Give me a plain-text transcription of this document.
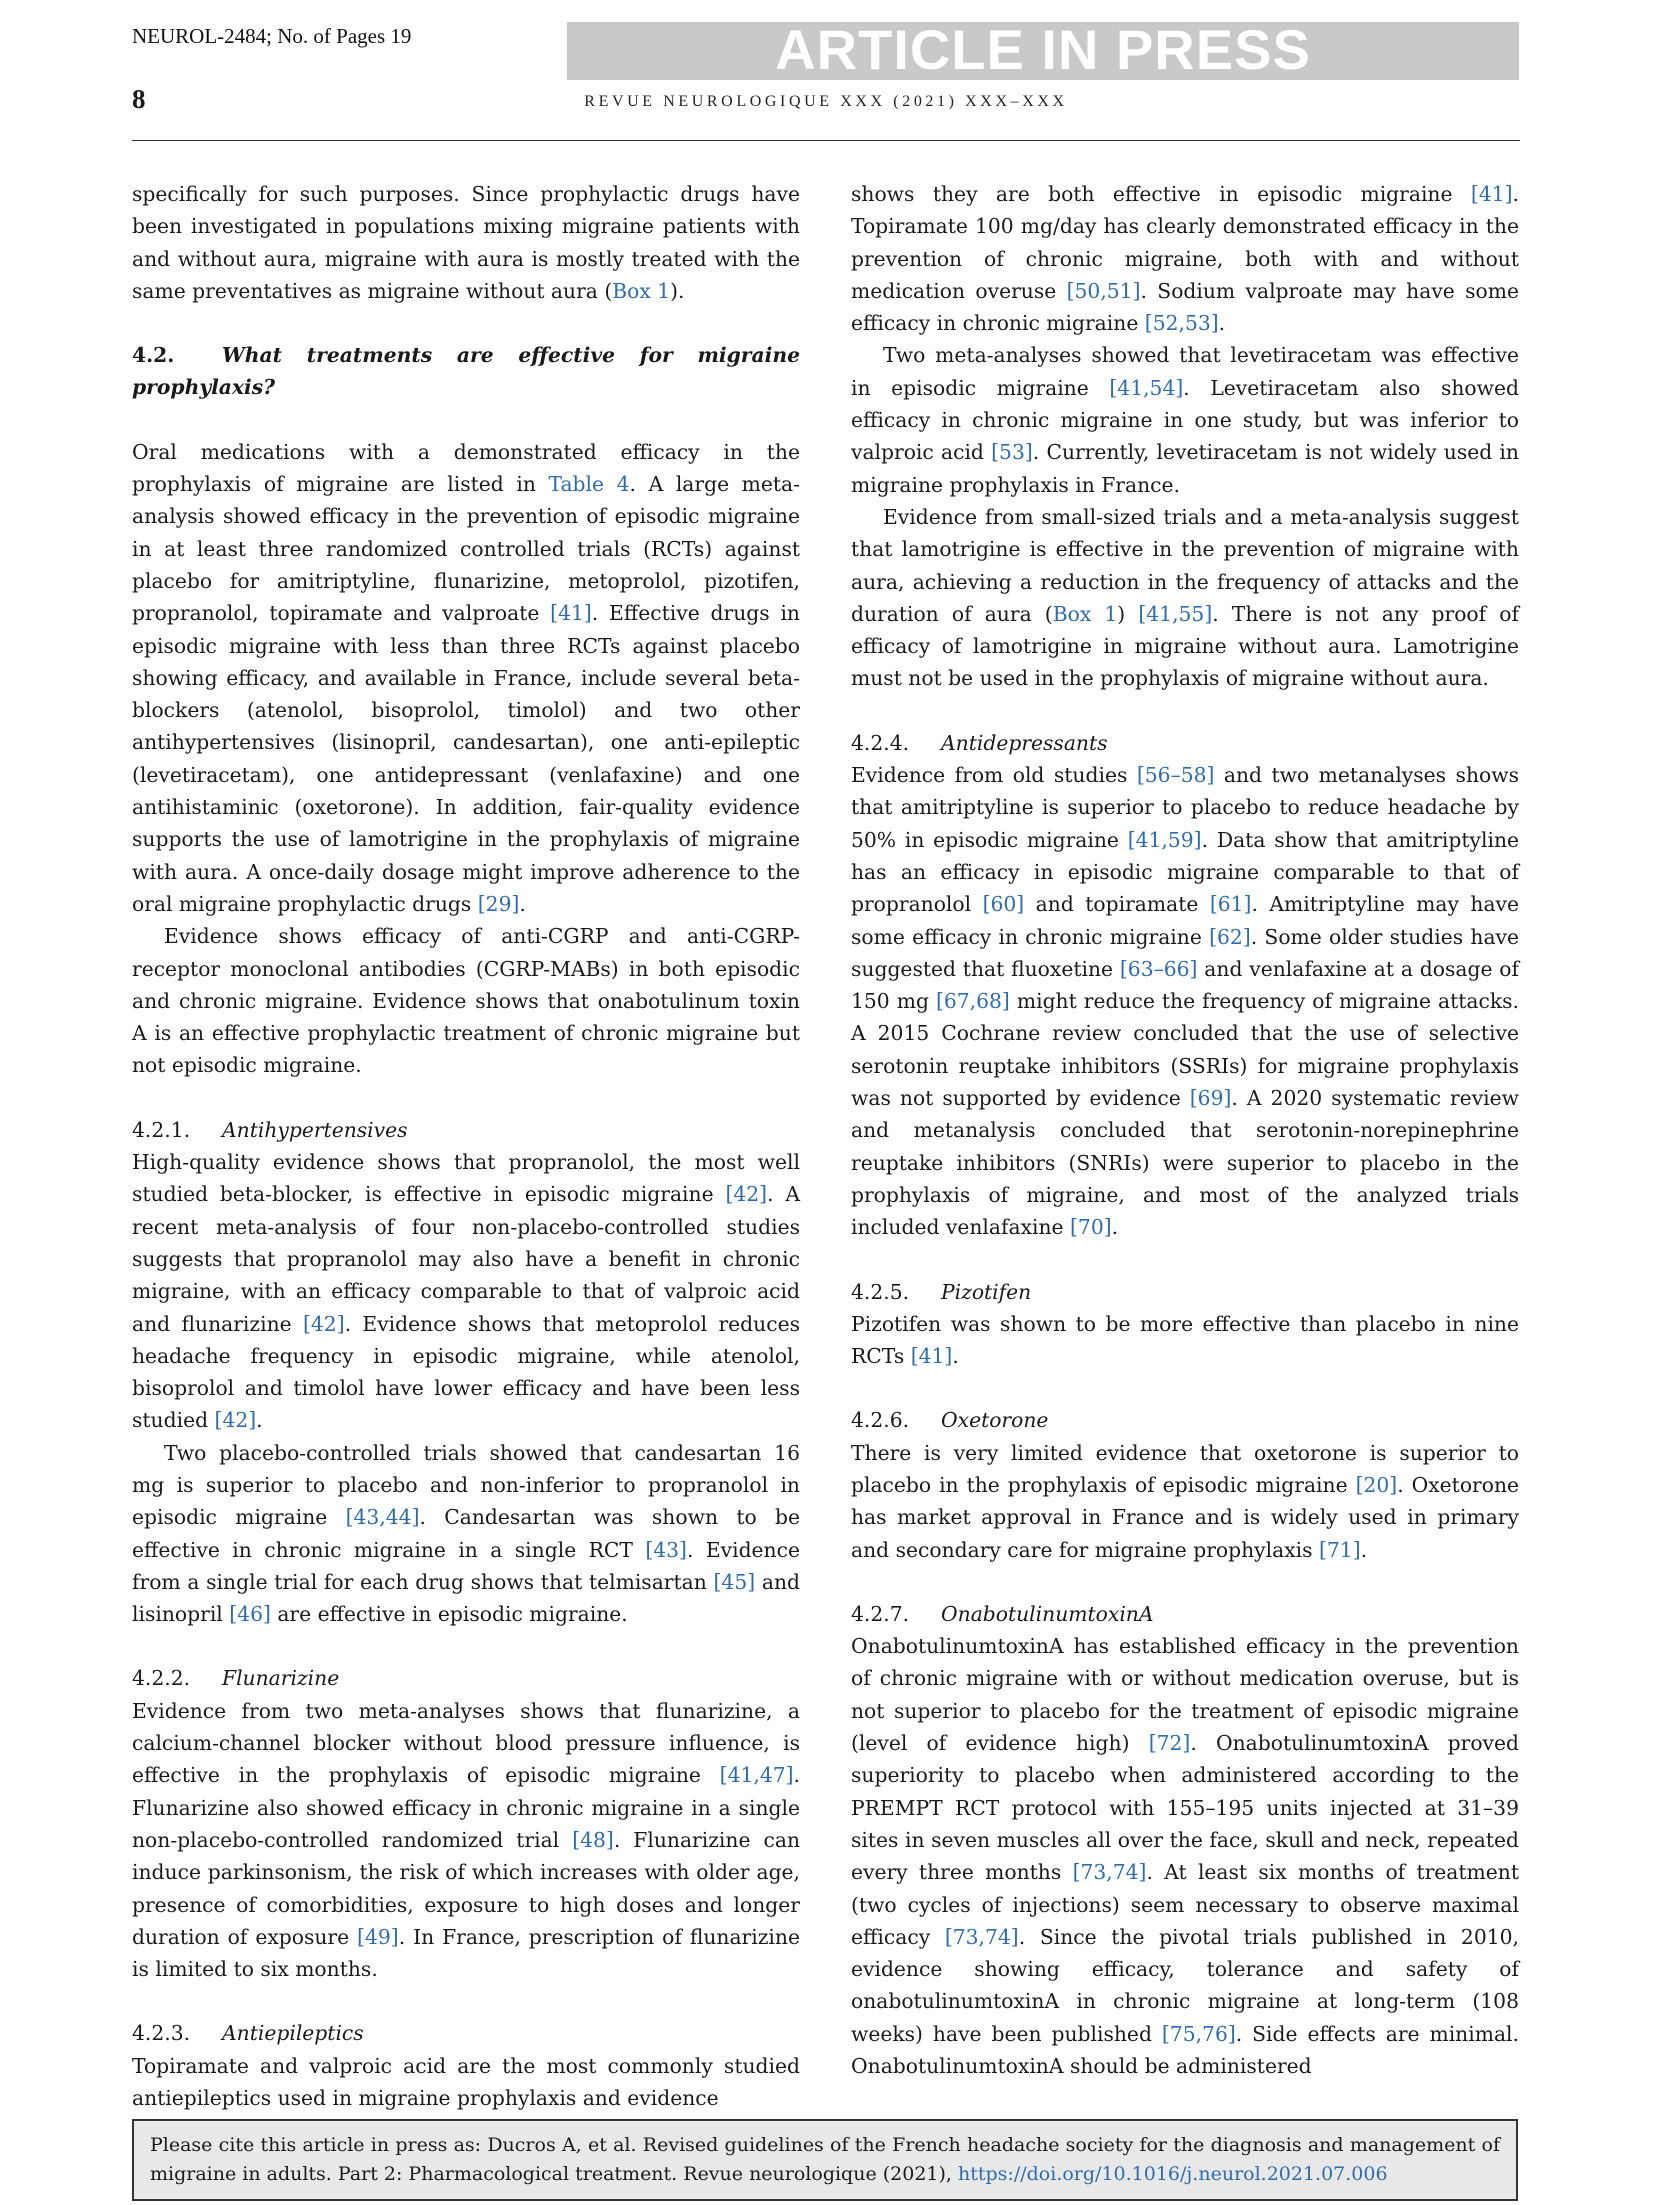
NEUROL-2484; No. of Pages 19	ARTICLE IN PRESS
8	REVUE NEUROLOGIQUE XXX (2021) XXX–XXX

specifically for such purposes. Since prophylactic drugs have been investigated in populations mixing migraine patients with and without aura, migraine with aura is mostly treated with the same preventatives as migraine without aura (Box 1).

4.2. What treatments are effective for migraine prophylaxis?

Oral medications with a demonstrated efficacy in the prophylaxis of migraine are listed in Table 4. A large meta-analysis showed efficacy in the prevention of episodic migraine in at least three randomized controlled trials (RCTs) against placebo for amitriptyline, flunarizine, metoprolol, pizotifen, propranolol, topiramate and valproate [41]. Effective drugs in episodic migraine with less than three RCTs against placebo showing efficacy, and available in France, include several beta-blockers (atenolol, bisoprolol, timolol) and two other antihypertensives (lisinopril, candesartan), one anti-epileptic (levetiracetam), one antidepressant (venlafaxine) and one antihistaminic (oxetorone). In addition, fair-quality evidence supports the use of lamotrigine in the prophylaxis of migraine with aura. A once-daily dosage might improve adherence to the oral migraine prophylactic drugs [29].

Evidence shows efficacy of anti-CGRP and anti-CGRP-receptor monoclonal antibodies (CGRP-MABs) in both episodic and chronic migraine. Evidence shows that onabotulinum toxin A is an effective prophylactic treatment of chronic migraine but not episodic migraine.

4.2.1. Antihypertensives

High-quality evidence shows that propranolol, the most well studied beta-blocker, is effective in episodic migraine [42]. A recent meta-analysis of four non-placebo-controlled studies suggests that propranolol may also have a benefit in chronic migraine, with an efficacy comparable to that of valproic acid and flunarizine [42]. Evidence shows that metoprolol reduces headache frequency in episodic migraine, while atenolol, bisoprolol and timolol have lower efficacy and have been less studied [42].

Two placebo-controlled trials showed that candesartan 16 mg is superior to placebo and non-inferior to propranolol in episodic migraine [43,44]. Candesartan was shown to be effective in chronic migraine in a single RCT [43]. Evidence from a single trial for each drug shows that telmisartan [45] and lisinopril [46] are effective in episodic migraine.

4.2.2. Flunarizine

Evidence from two meta-analyses shows that flunarizine, a calcium-channel blocker without blood pressure influence, is effective in the prophylaxis of episodic migraine [41,47]. Flunarizine also showed efficacy in chronic migraine in a single non-placebo-controlled randomized trial [48]. Flunarizine can induce parkinsonism, the risk of which increases with older age, presence of comorbidities, exposure to high doses and longer duration of exposure [49]. In France, prescription of flunarizine is limited to six months.

4.2.3. Antiepileptics

Topiramate and valproic acid are the most commonly studied antiepileptics used in migraine prophylaxis and evidence

shows they are both effective in episodic migraine [41]. Topiramate 100 mg/day has clearly demonstrated efficacy in the prevention of chronic migraine, both with and without medication overuse [50,51]. Sodium valproate may have some efficacy in chronic migraine [52,53].

Two meta-analyses showed that levetiracetam was effective in episodic migraine [41,54]. Levetiracetam also showed efficacy in chronic migraine in one study, but was inferior to valproic acid [53]. Currently, levetiracetam is not widely used in migraine prophylaxis in France.

Evidence from small-sized trials and a meta-analysis suggest that lamotrigine is effective in the prevention of migraine with aura, achieving a reduction in the frequency of attacks and the duration of aura (Box 1) [41,55]. There is not any proof of efficacy of lamotrigine in migraine without aura. Lamotrigine must not be used in the prophylaxis of migraine without aura.

4.2.4. Antidepressants

Evidence from old studies [56–58] and two metanalyses shows that amitriptyline is superior to placebo to reduce headache by 50% in episodic migraine [41,59]. Data show that amitriptyline has an efficacy in episodic migraine comparable to that of propranolol [60] and topiramate [61]. Amitriptyline may have some efficacy in chronic migraine [62]. Some older studies have suggested that fluoxetine [63–66] and venlafaxine at a dosage of 150 mg [67,68] might reduce the frequency of migraine attacks. A 2015 Cochrane review concluded that the use of selective serotonin reuptake inhibitors (SSRIs) for migraine prophylaxis was not supported by evidence [69]. A 2020 systematic review and metanalysis concluded that serotonin-norepinephrine reuptake inhibitors (SNRIs) were superior to placebo in the prophylaxis of migraine, and most of the analyzed trials included venlafaxine [70].

4.2.5. Pizotifen

Pizotifen was shown to be more effective than placebo in nine RCTs [41].

4.2.6. Oxetorone

There is very limited evidence that oxetorone is superior to placebo in the prophylaxis of episodic migraine [20]. Oxetorone has market approval in France and is widely used in primary and secondary care for migraine prophylaxis [71].

4.2.7. OnabotulinumtoxinA

OnabotulinumtoxinA has established efficacy in the prevention of chronic migraine with or without medication overuse, but is not superior to placebo for the treatment of episodic migraine (level of evidence high) [72]. OnabotulinumtoxinA proved superiority to placebo when administered according to the PREMPT RCT protocol with 155–195 units injected at 31–39 sites in seven muscles all over the face, skull and neck, repeated every three months [73,74]. At least six months of treatment (two cycles of injections) seem necessary to observe maximal efficacy [73,74]. Since the pivotal trials published in 2010, evidence showing efficacy, tolerance and safety of onabotulinumtoxinA in chronic migraine at long-term (108 weeks) have been published [75,76]. Side effects are minimal. OnabotulinumtoxinA should be administered

Please cite this article in press as: Ducros A, et al. Revised guidelines of the French headache society for the diagnosis and management of migraine in adults. Part 2: Pharmacological treatment. Revue neurologique (2021), https://doi.org/10.1016/j.neurol.2021.07.006
